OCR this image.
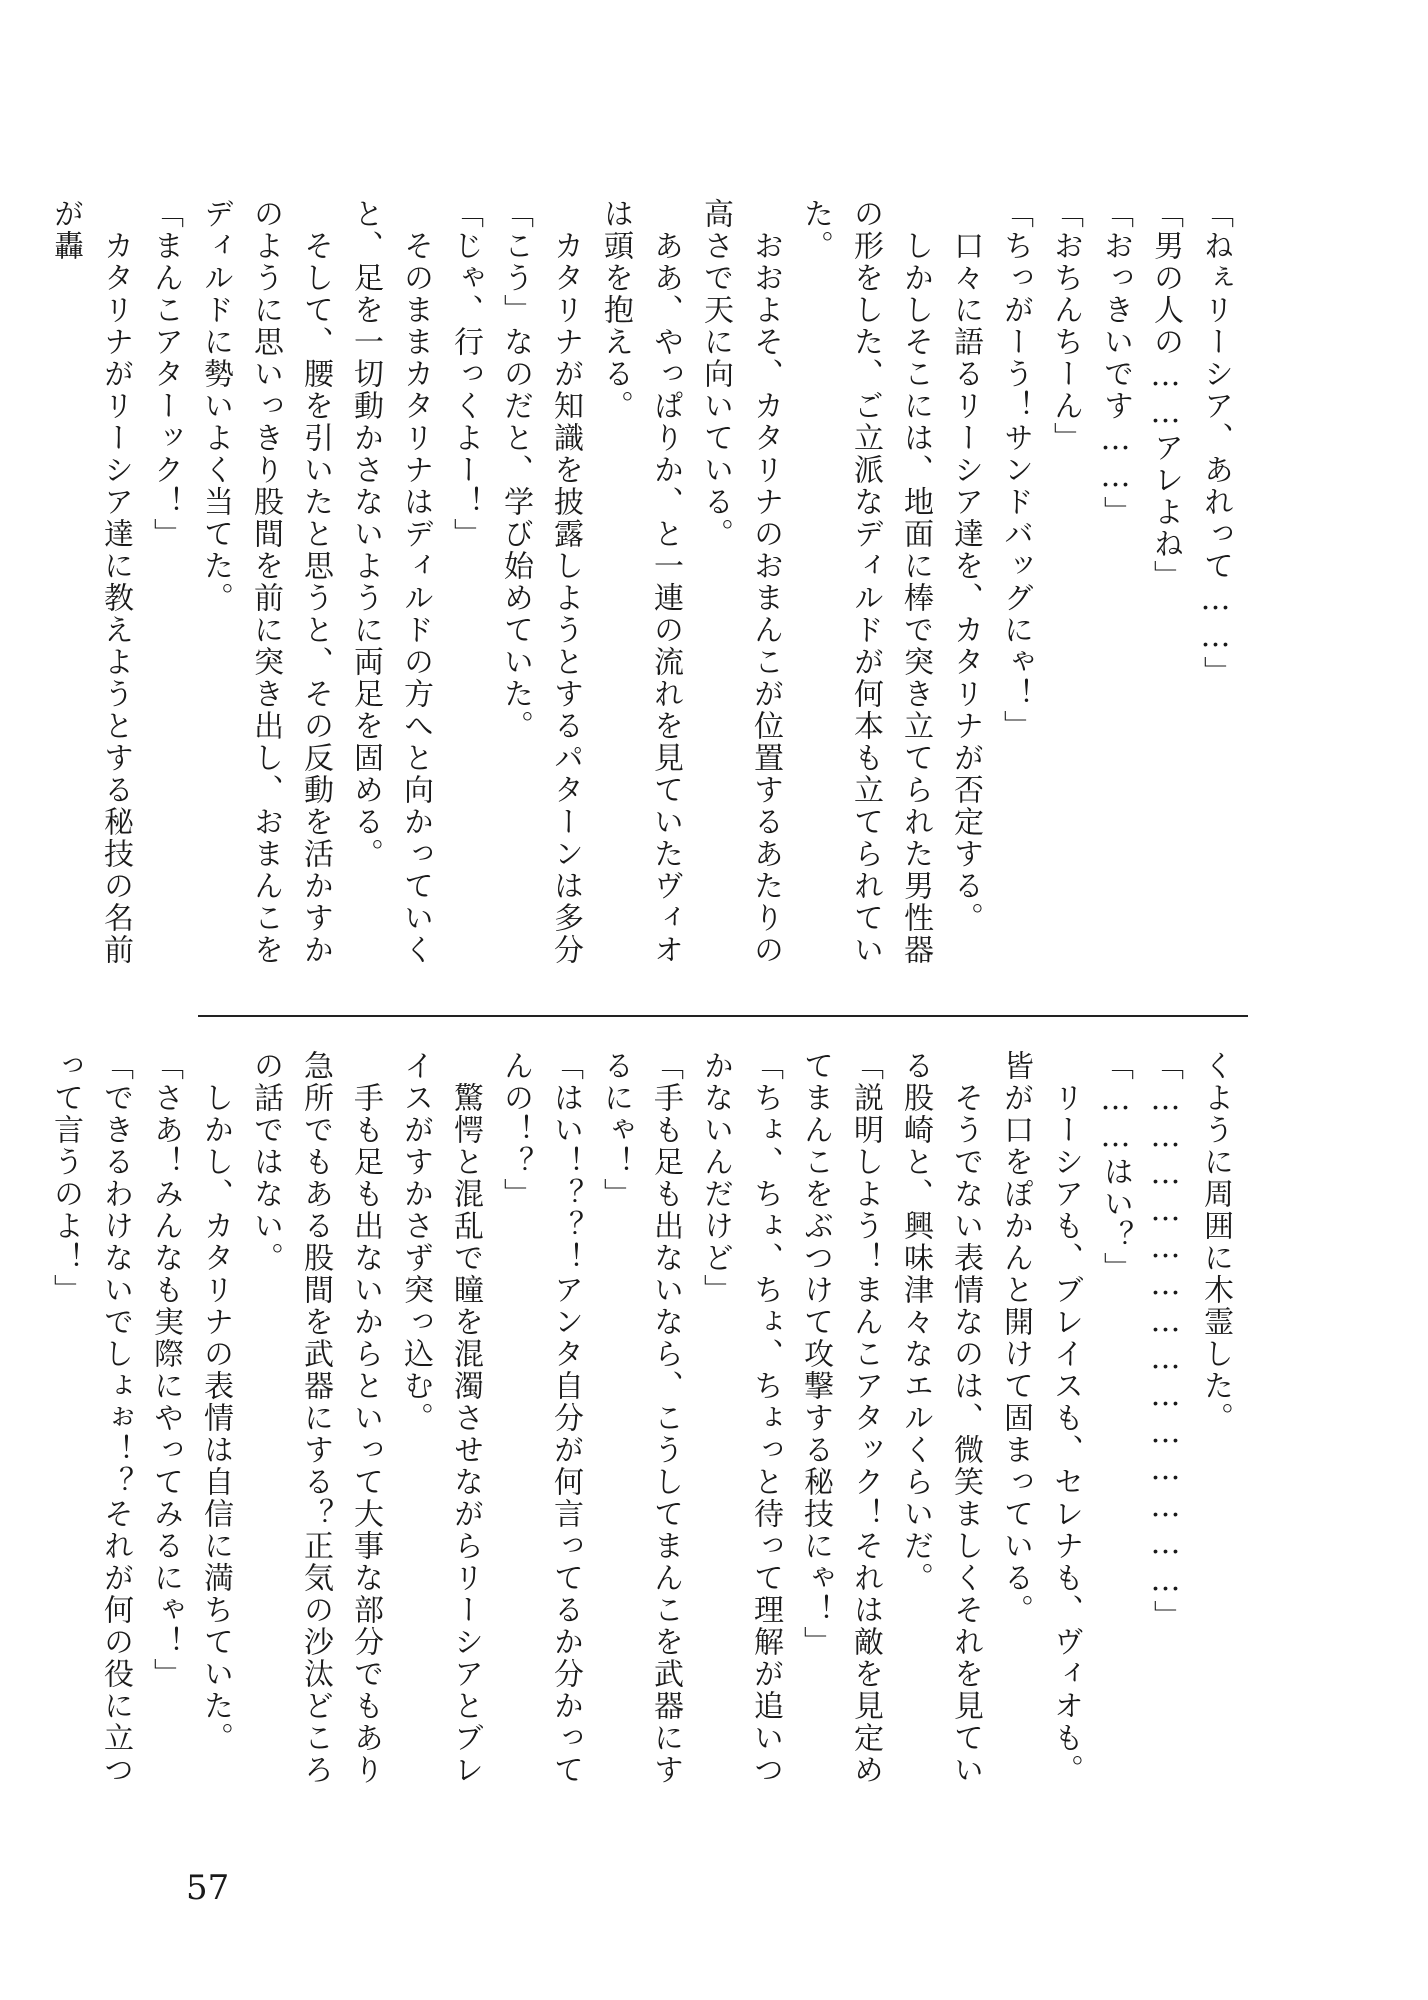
「ねぇリーシア、あれって……」

「男の人の……アレよね」

「おっきいです……」

「おちんちーん」

「ちっがーう！サンドバッグにゃ！」

　口々に語るリーシア達を、カタリナが否定する。

　しかしそこには、地面に棒で突き立てられた男性器の形をした、ご立派なディルドが何本も立てられていた。

　おおよそ、カタリナのおまんこが位置するあたりの高さで天に向いている。

　ああ、やっぱりか、と一連の流れを見ていたヴィオは頭を抱える。

　カタリナが知識を披露しようとするパターンは多分「こう」なのだと、学び始めていた。

「じゃ、行っくよー！」

　そのままカタリナはディルドの方へと向かっていくと、足を一切動かさないように両足を固める。

　そして、腰を引いたと思うと、その反動を活かすかのように思いっきり股間を前に突き出し、おまんこをディルドに勢いよく当てた。

「まんこアターック！」

　カタリナがリーシア達に教えようとする秘技の名前が轟

くように周囲に木霊した。

「……………………………………」

「……はい？」

　リーシアも、ブレイスも、セレナも、ヴィオも。皆が口をぽかんと開けて固まっている。

　そうでない表情なのは、微笑ましくそれを見ている股崎と、興味津々なエルくらいだ。

「説明しよう！まんこアタック！それは敵を見定めてまんこをぶつけて攻撃する秘技にゃ！」

「ちょ、ちょ、ちょ、ちょっと待って理解が追いつかないんだけど」

「手も足も出ないなら、こうしてまんこを武器にするにゃ！」

「はい！？？！アンタ自分が何言ってるか分かってんの！？」

　驚愕と混乱で瞳を混濁させながらリーシアとブレイスがすかさず突っ込む。

　手も足も出ないからといって大事な部分でもあり急所でもある股間を武器にする？正気の沙汰どころの話ではない。

　しかし、カタリナの表情は自信に満ちていた。

「さあ！みんなも実際にやってみるにゃ！」

「できるわけないでしょぉ！？それが何の役に立つって言うのよ！」

57
